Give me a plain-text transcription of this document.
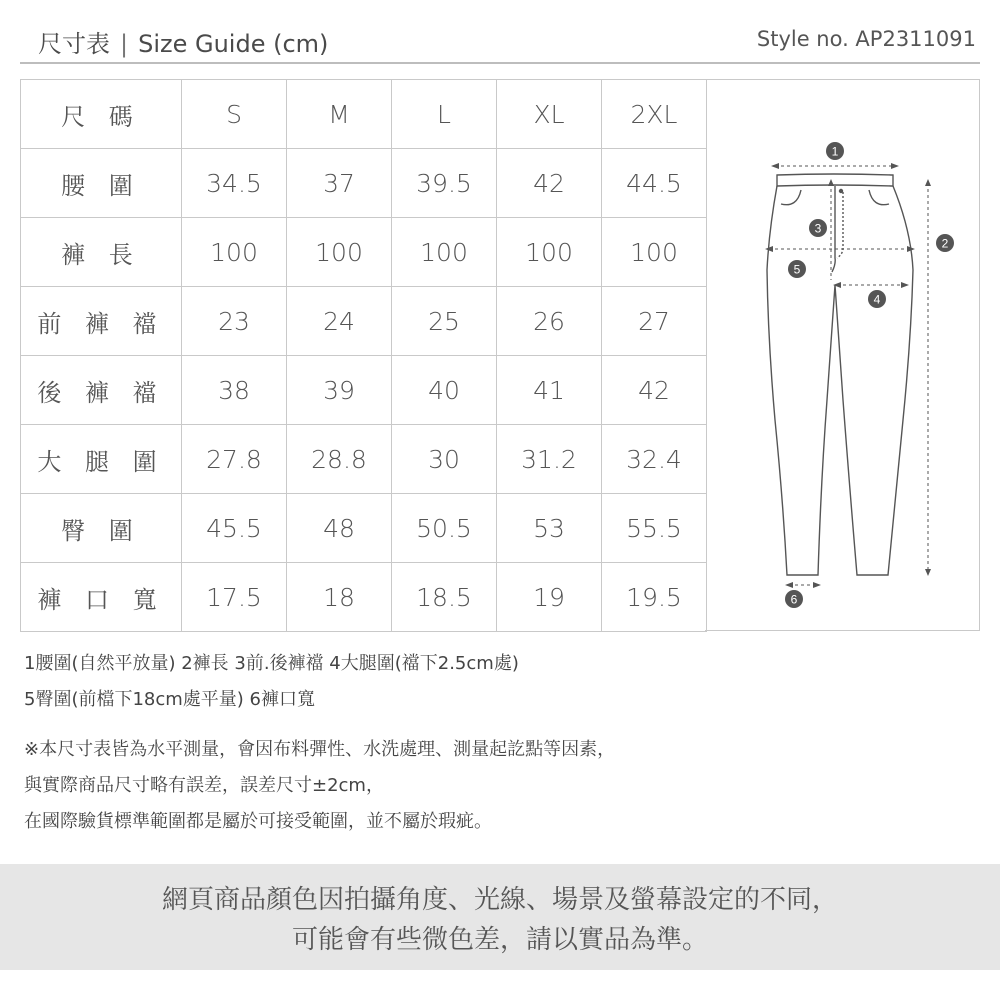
尺寸表 | Size Guide (cm)	Style no. AP2311091
尺 碼	S	M	L	XL	2XL
腰 圍	34.5	37	39.5	42	44.5
褲 長	100	100	100	100	100
前 褲 襠	23	24	25	26	27
後 褲 襠	38	39	40	41	42
大 腿 圍	27.8	28.8	30	31.2	32.4
臀 圍	45.5	48	50.5	53	55.5
褲 口 寬	17.5	18	18.5	19	19.5
1
2
3
4
5
6
1腰圍(自然平放量) 2褲長 3前.後褲襠 4大腿圍(襠下2.5cm處)
5臀圍(前檔下18cm處平量) 6褲口寬
※本尺寸表皆為水平測量，會因布料彈性、水洗處理、測量起訖點等因素，
與實際商品尺寸略有誤差，誤差尺寸±2cm，
在國際驗貨標準範圍都是屬於可接受範圍，並不屬於瑕疵。
網頁商品顏色因拍攝角度、光線、場景及螢幕設定的不同，
可能會有些微色差，請以實品為準。
